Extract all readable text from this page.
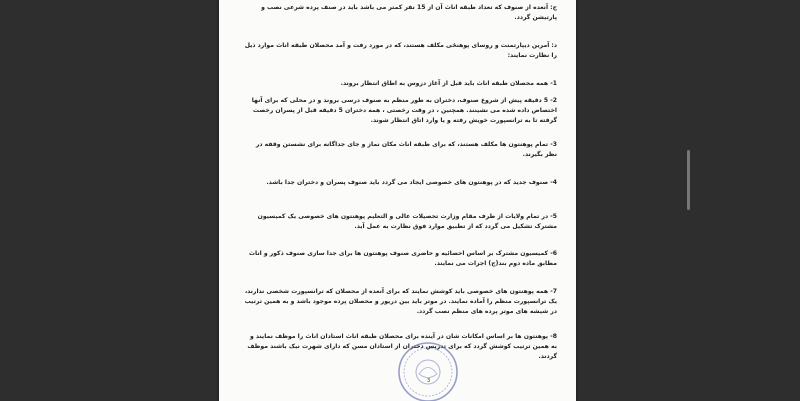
ج: آنعده از صنوف که تعداد طبقه اناث آن از 15 نفر کمتر می باشد باید در صنف پرده شرعی نصب و پارتیشن گردد.

د: آمرین دیپارتمنت و روسای پوهنځی مکلف هستند، که در مورد رفت و آمد محصلان طبقه اناث موارد ذیل را نظارت نمایند:

1- همه محصلان طبقه اناث باید قبل از آغاز دروس به اطاق انتظار بروند.

2- 5 دقیقه پیش از شروع صنوف، دختران به طور منظم به صنوف درسی بروند و در محلی که برای آنها اختصاص داده شده می نشینند. همچنین ، در وقت رخصتی ، همه دختران 5 دقیقه قبل از پسران رخصت گرفته تا به ترانسپورت خویش رفته و یا وارد اتاق انتظار شوند.

3- تمام پوهنتون ها مکلف هستند، که برای طبقه اناث مکان نماز و جای جداگانه برای نشستن وقفه در نظر بگیرند.

4- صنوف جدید که در پوهنتون های خصوصی ایجاد می گردد باید صنوف پسران و دختران جدا باشد.

5- در تمام ولایات از طرف مقام وزارت تحصیلات عالی و التعلیم پوهنتون های خصوصی یک کمیسیون مشترک تشکیل می گردد که از تطبیق موارد فوق نظارت به عمل آید.

6- کمیسیون مشترک بر اساس احصائیه و حاضری صنوف پوهنتون ها برای جدا سازی صنوف ذکور و اناث مطابق ماده دوم بند(ج) اجرات می نمایند.

7- همه پوهنتون های خصوصی باید کوشش نمایند که برای آنعده از محصلان که ترانسپورت شخصی ندارند، یک ترانسپورت منظم را آماده نمایند. در موتر باید بین دریور و محصلان پرده موجود باشد و به همین ترتیب در شیشه های موتر پرده های منظم نصب گردد.

8- پوهنتون ها بر اساس امکانات شان در آینده برای محصلان طبقه اناث استادان اناث را موظف نمایند و به همین ترتیب کوشش گردد که برای تدریس دختران از استادان مسن که دارای شهرت نیک باشند موظف گردند.

3
